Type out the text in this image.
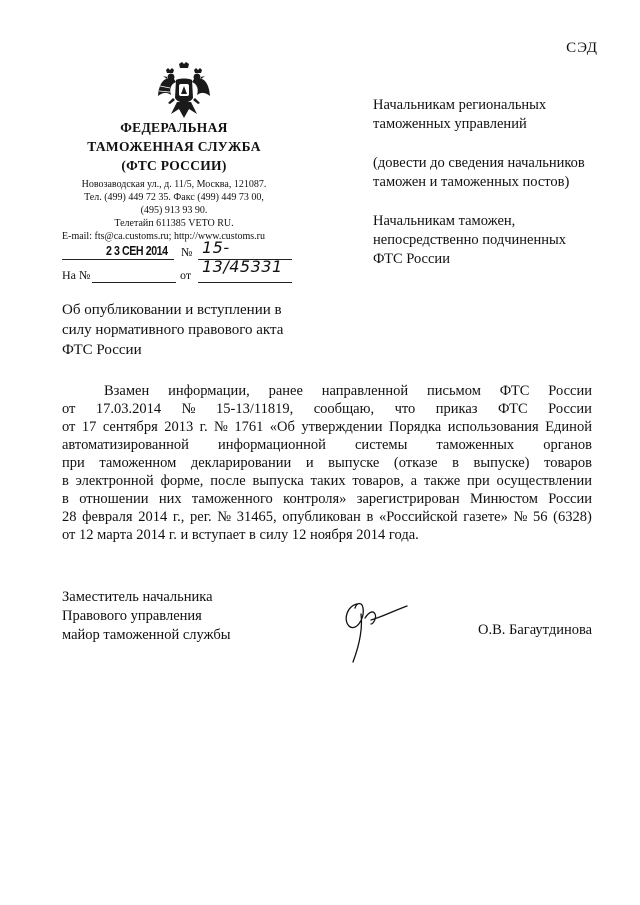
СЭД
ФЕДЕРАЛЬНАЯ
ТАМОЖЕННАЯ СЛУЖБА
(ФТС РОССИИ)
Новозаводская ул., д. 11/5, Москва, 121087.
Тел. (499) 449 72 35. Факс (499) 449 73 00,
(495) 913 93 90.
Телетайп 611385 VETO RU.
E-mail: fts@ca.customs.ru; http://www.customs.ru
2 3 СЕН 2014 № 15-13/45331
На №	от
Об опубликовании и вступлении в силу нормативного правового акта ФТС России

Начальникам региональных таможенных управлений

(довести до сведения начальников таможен и таможенных постов)

Начальникам таможен, непосредственно подчиненных ФТС России

Взамен информации, ранее направленной письмом ФТС России
от 17.03.2014 № 15-13/11819, сообщаю, что приказ ФТС России
от 17 сентября 2013 г. № 1761 «Об утверждении Порядка использования Единой
автоматизированной информационной системы таможенных органов
при таможенном декларировании и выпуске (отказе в выпуске) товаров
в электронной форме, после выпуска таких товаров, а также при осуществлении
в отношении них таможенного контроля» зарегистрирован Минюстом России
28 февраля 2014 г., рег. № 31465, опубликован в «Российской газете» № 56 (6328)
от 12 марта 2014 г. и вступает в силу 12 ноября 2014 года.
Заместитель начальника
Правового управления
майор таможенной службы	О.В. Багаутдинова
